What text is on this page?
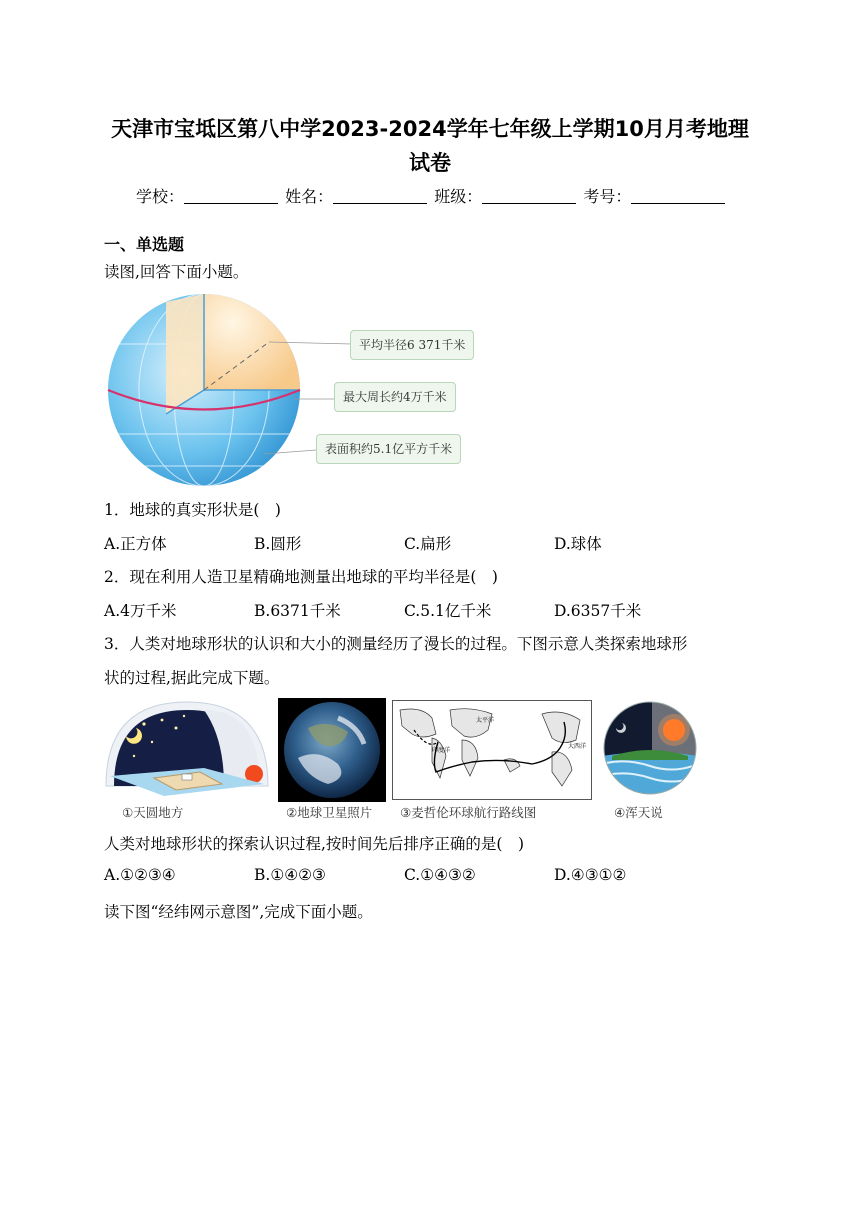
天津市宝坻区第八中学2023-2024学年七年级上学期10月月考地理
试卷
学校：	姓名：	班级：	考号：
一、单选题
读图,回答下面小题。
平均半径6 371千米
最大周长约4万千米
表面积约5.1亿平方千米
1．地球的真实形状是( )
A.正方体	B.圆形	C.扁形	D.球体
2．现在利用人造卫星精确地测量出地球的平均半径是( )
A.4万千米	B.6371千米	C.5.1亿千米	D.6357千米
3．人类对地球形状的认识和大小的测量经历了漫长的过程。下图示意人类探索地球形
状的过程,据此完成下题。
①天圆地方	②地球卫星照片
太平洋
印度洋
大西洋
③麦哲伦环球航行路线图	④浑天说
人类对地球形状的探索认识过程,按时间先后排序正确的是( )
A.①②③④	B.①④②③	C.①④③②	D.④③①②
读下图“经纬网示意图”,完成下面小题。
